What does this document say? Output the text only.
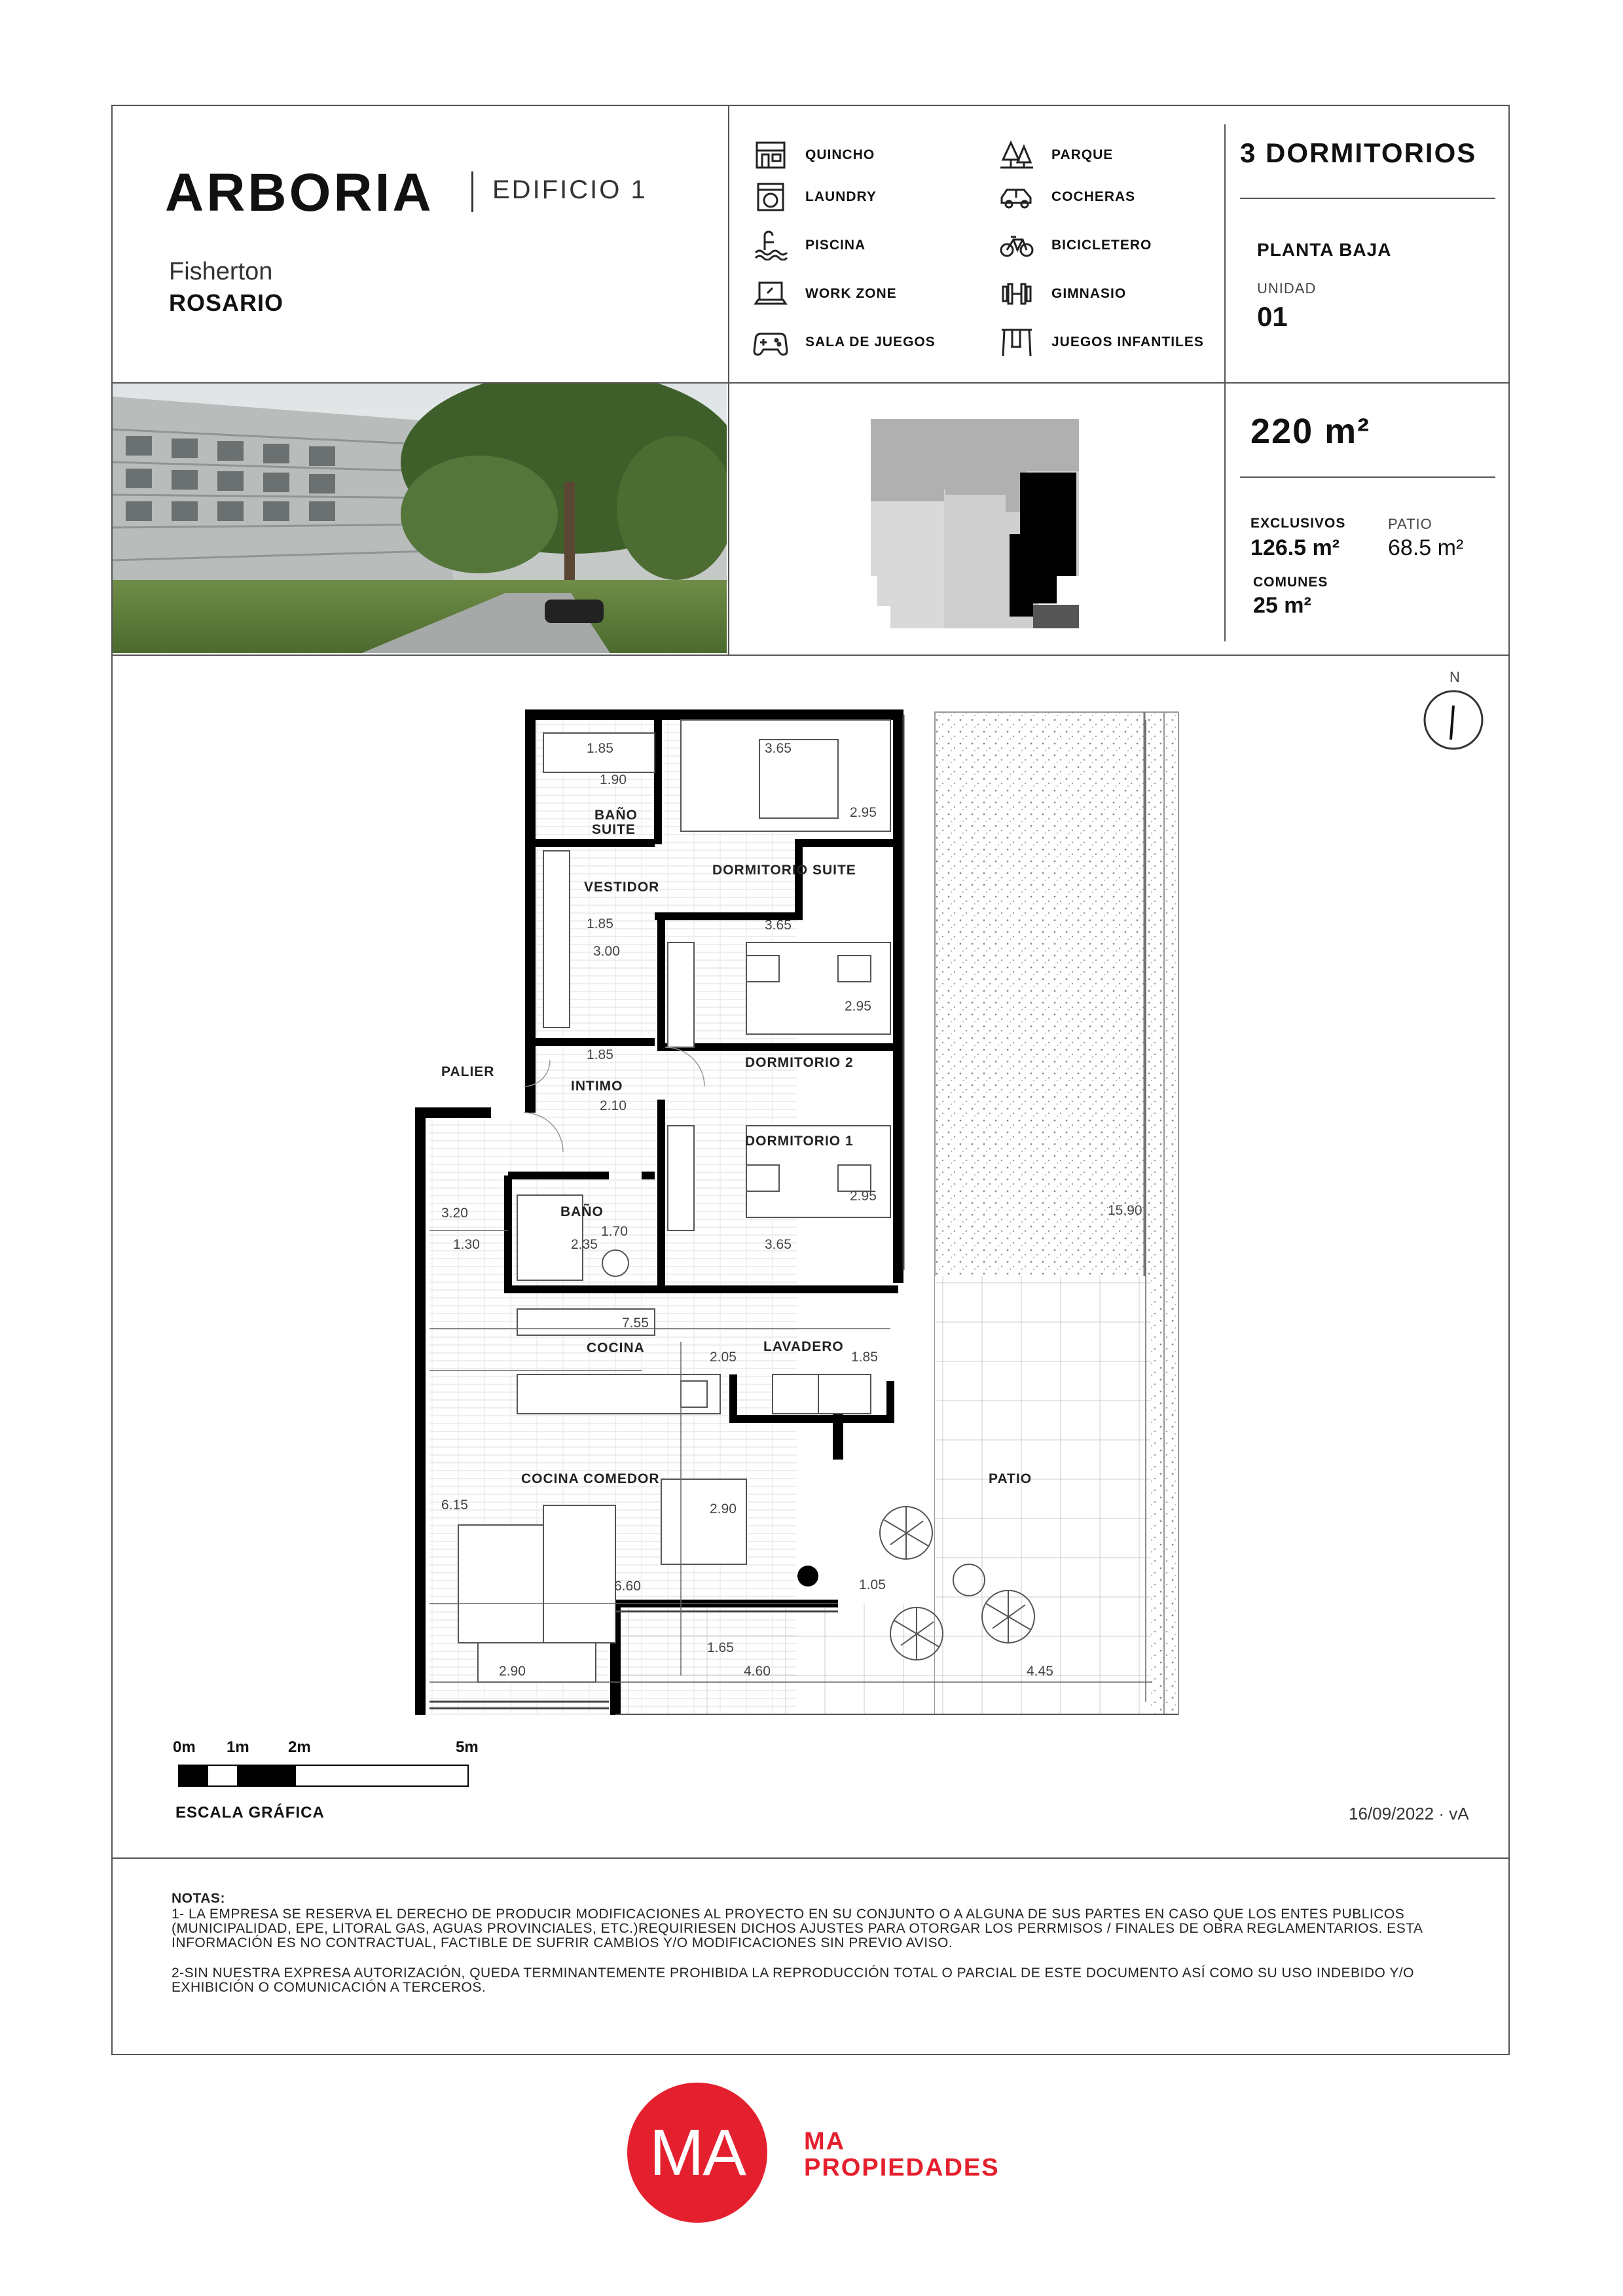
ARBORIA EDIFICIO 1
Fisherton
ROSARIO
QUINCHO
LAUNDRY
PISCINA
WORK ZONE
SALA DE JUEGOS
PARQUE
COCHERAS
BICICLETERO
GIMNASIO
JUEGOS INFANTILES
3 DORMITORIOS
PLANTA BAJA
UNIDAD
01
220 m²
EXCLUSIVOS
126.5 m²
PATIO
68.5 m²
COMUNES
25 m²
N
BAÑO
SUITE
VESTIDOR
DORMITORIO SUITE
DORMITORIO 2
INTIMO
PALIER
DORMITORIO 1
BAÑO
COCINA	LAVADERO
COCINA COMEDOR	PATIO
1.85
1.90
3.65
2.95
1.85
3.00
3.65
2.95
1.85
2.10
3.20
1.30	2.35
1.70
3.65
2.95
7.55
2.05	1.85
6.15	2.90
6.60	1.05
1.65
4.60	4.45
2.90
15.90
0m 1m 2m	5m
ESCALA GRÁFICA	16/09/2022 · vA

NOTAS:

1- LA EMPRESA SE RESERVA EL DERECHO DE PRODUCIR MODIFICACIONES AL PROYECTO EN SU CONJUNTO O A ALGUNA DE SUS PARTES EN CASO QUE LOS ENTES PUBLICOS (MUNICIPALIDAD, EPE, LITORAL GAS, AGUAS PROVINCIALES, ETC.)REQUIRIESEN DICHOS AJUSTES PARA OTORGAR LOS PERRMISOS / FINALES DE OBRA REGLAMENTARIOS. ESTA INFORMACIÓN ES NO CONTRACTUAL, FACTIBLE DE SUFRIR CAMBIOS Y/O MODIFICACIONES SIN PREVIO AVISO.

2-SIN NUESTRA EXPRESA AUTORIZACIÓN, QUEDA TERMINANTEMENTE PROHIBIDA LA REPRODUCCIÓN TOTAL O PARCIAL DE ESTE DOCUMENTO ASÍ COMO SU USO INDEBIDO Y/O EXHIBICIÓN O COMUNICACIÓN A TERCEROS.

MA MA
PROPIEDADES
